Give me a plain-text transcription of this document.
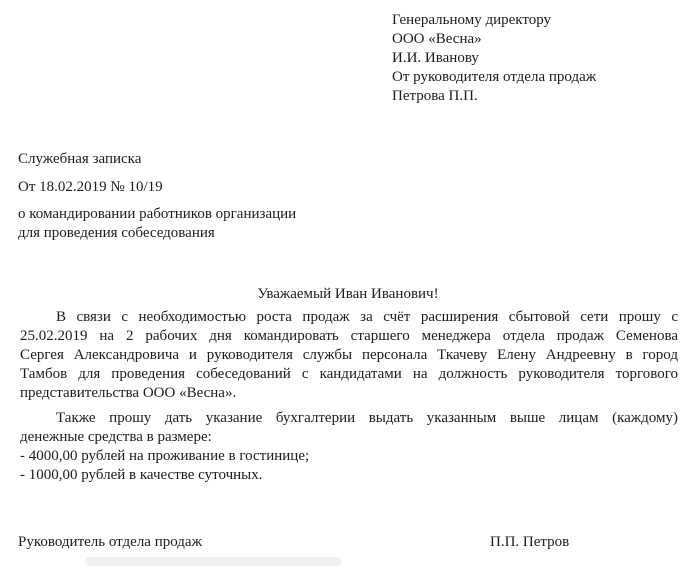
Генеральному директору
ООО «Весна»
И.И. Иванову
От руководителя отдела продаж
Петрова П.П.
Служебная записка
От 18.02.2019 № 10/19
о командировании работников организации
для проведения собеседования
Уважаемый Иван Иванович!
В связи с необходимостью роста продаж за счёт расширения сбытовой сети прошу с
25.02.2019 на 2 рабочих дня командировать старшего менеджера отдела продаж Семенова
Сергея Александровича и руководителя службы персонала Ткачеву Елену Андреевну в город
Тамбов для проведения собеседований с кандидатами на должность руководителя торгового
представительства ООО «Весна».
Также прошу дать указание бухгалтерии выдать указанным выше лицам (каждому)
денежные средства в размере:
- 4000,00 рублей на проживание в гостинице;
- 1000,00 рублей в качестве суточных.
Руководитель отдела продаж	П.П. Петров
